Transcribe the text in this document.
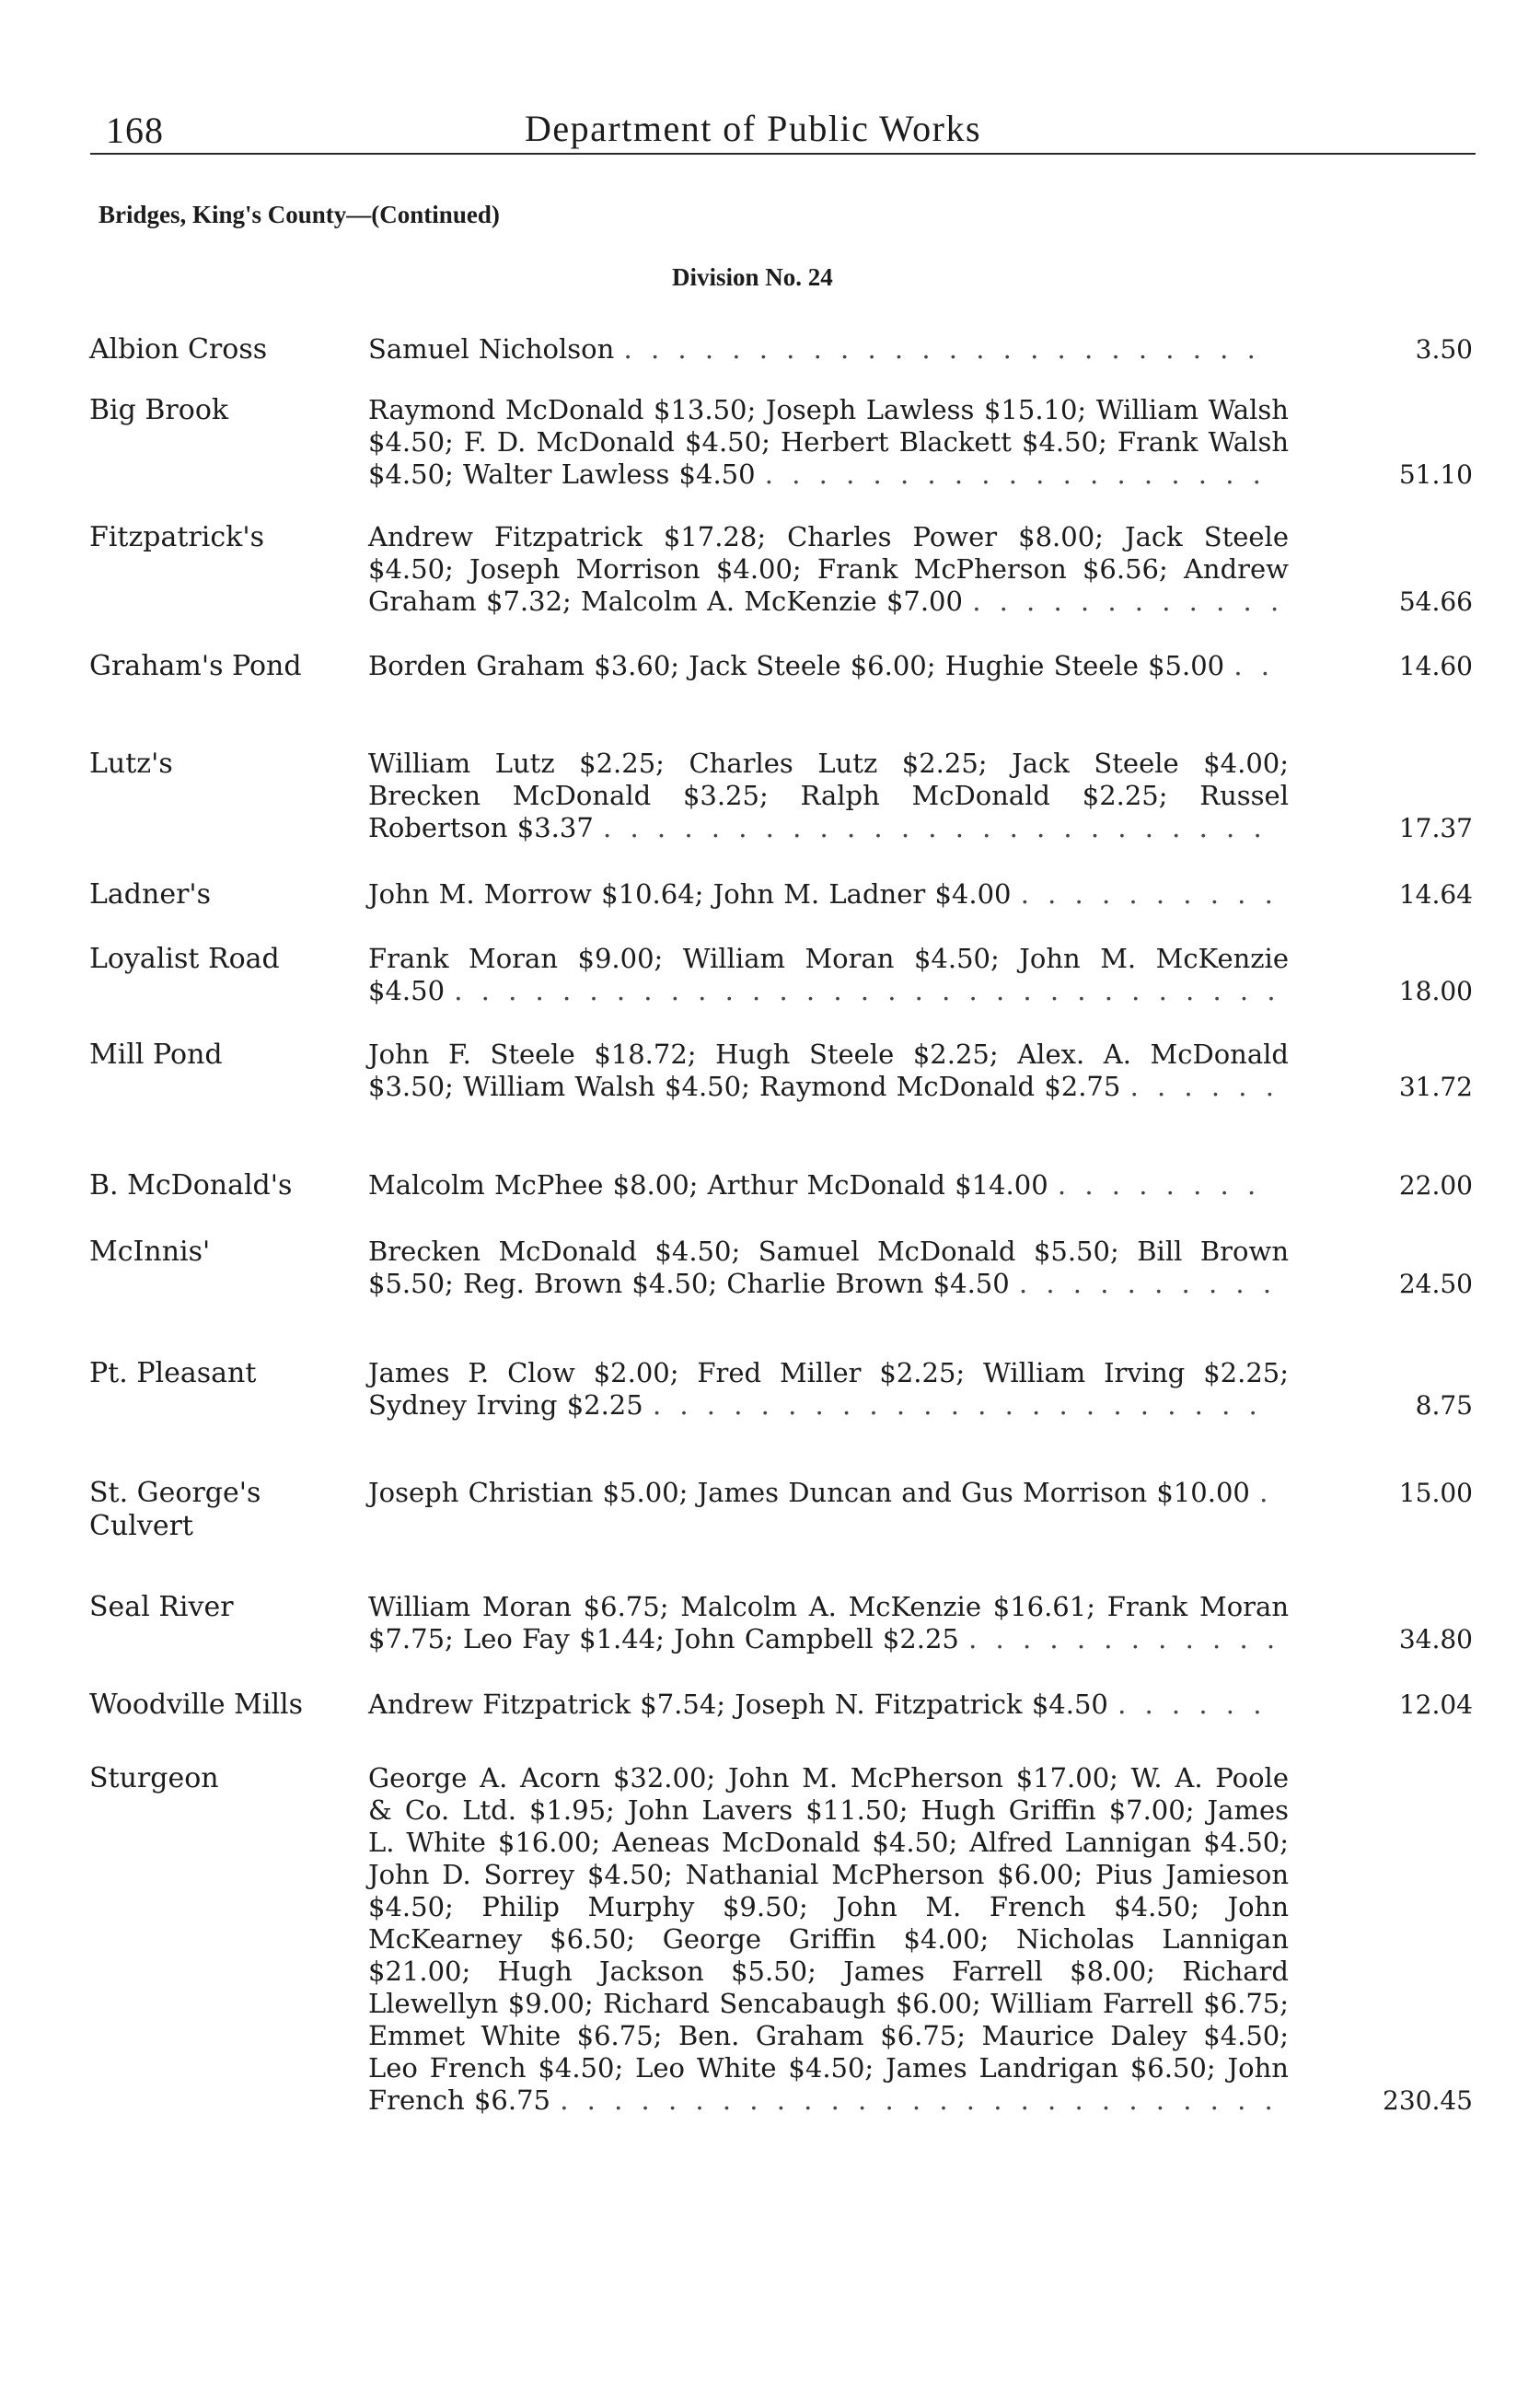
168	Department of Public Works
Bridges, King's County—(Continued)
Division No. 24
Albion Cross	Samuel Nicholson . . . . . . . . . . . . . . . . . . . . . . . .	3.50
Big Brook	Raymond McDonald $13.50; Joseph Lawless $15.10; William Walsh $4.50; F. D. McDonald $4.50; Herbert Blackett $4.50; Frank Walsh $4.50; Walter Lawless $4.50 . . . . . . . . . . . . . . . . . . .	51.10
Fitzpatrick's	Andrew Fitzpatrick $17.28; Charles Power $8.00; Jack Steele $4.50; Joseph Morrison $4.00; Frank McPherson $6.56; Andrew Graham $7.32; Malcolm A. McKenzie $7.00 . . . . . . . . . . . .	54.66
Graham's Pond	Borden Graham $3.60; Jack Steele $6.00; Hughie Steele $5.00 . .	14.60
Lutz's	William Lutz $2.25; Charles Lutz $2.25; Jack Steele $4.00; Brecken McDonald $3.25; Ralph McDonald $2.25; Russel Robertson $3.37 . . . . . . . . . . . . . . . . . . . . . . . . .	17.37
Ladner's	John M. Morrow $10.64; John M. Ladner $4.00 . . . . . . . . . .	14.64
Loyalist Road	Frank Moran $9.00; William Moran $4.50; John M. McKenzie $4.50 . . . . . . . . . . . . . . . . . . . . . . . . . . . . . . .	18.00
Mill Pond	John F. Steele $18.72; Hugh Steele $2.25; Alex. A. McDonald $3.50; William Walsh $4.50; Raymond McDonald $2.75 . . . . . .	31.72
B. McDonald's	Malcolm McPhee $8.00; Arthur McDonald $14.00 . . . . . . . .	22.00
McInnis'	Brecken McDonald $4.50; Samuel McDonald $5.50; Bill Brown $5.50; Reg. Brown $4.50; Charlie Brown $4.50 . . . . . . . . . .	24.50
Pt. Pleasant	James P. Clow $2.00; Fred Miller $2.25; William Irving $2.25; Sydney Irving $2.25 . . . . . . . . . . . . . . . . . . . . . . .	8.75
St. George's
Culvert
Joseph Christian $5.00; James Duncan and Gus Morrison $10.00 .	15.00
Seal River	William Moran $6.75; Malcolm A. McKenzie $16.61; Frank Moran $7.75; Leo Fay $1.44; John Campbell $2.25 . . . . . . . . . . . .	34.80
Woodville Mills	Andrew Fitzpatrick $7.54; Joseph N. Fitzpatrick $4.50 . . . . . .	12.04
Sturgeon	George A. Acorn $32.00; John M. McPherson $17.00; W. A. Poole & Co. Ltd. $1.95; John Lavers $11.50; Hugh Griffin $7.00; James L. White $16.00; Aeneas McDonald $4.50; Alfred Lannigan $4.50; John D. Sorrey $4.50; Nathanial McPherson $6.00; Pius Jamieson $4.50; Philip Murphy $9.50; John M. French $4.50; John McKearney $6.50; George Griffin $4.00; Nicholas Lannigan $21.00; Hugh Jackson $5.50; James Farrell $8.00; Richard Llewellyn $9.00; Richard Sencabaugh $6.00; William Farrell $6.75; Emmet White $6.75; Ben. Graham $6.75; Maurice Daley $4.50; Leo French $4.50; Leo White $4.50; James Landrigan $6.50; John French $6.75 . . . . . . . . . . . . . . . . . . . . . . . . . . .	230.45
